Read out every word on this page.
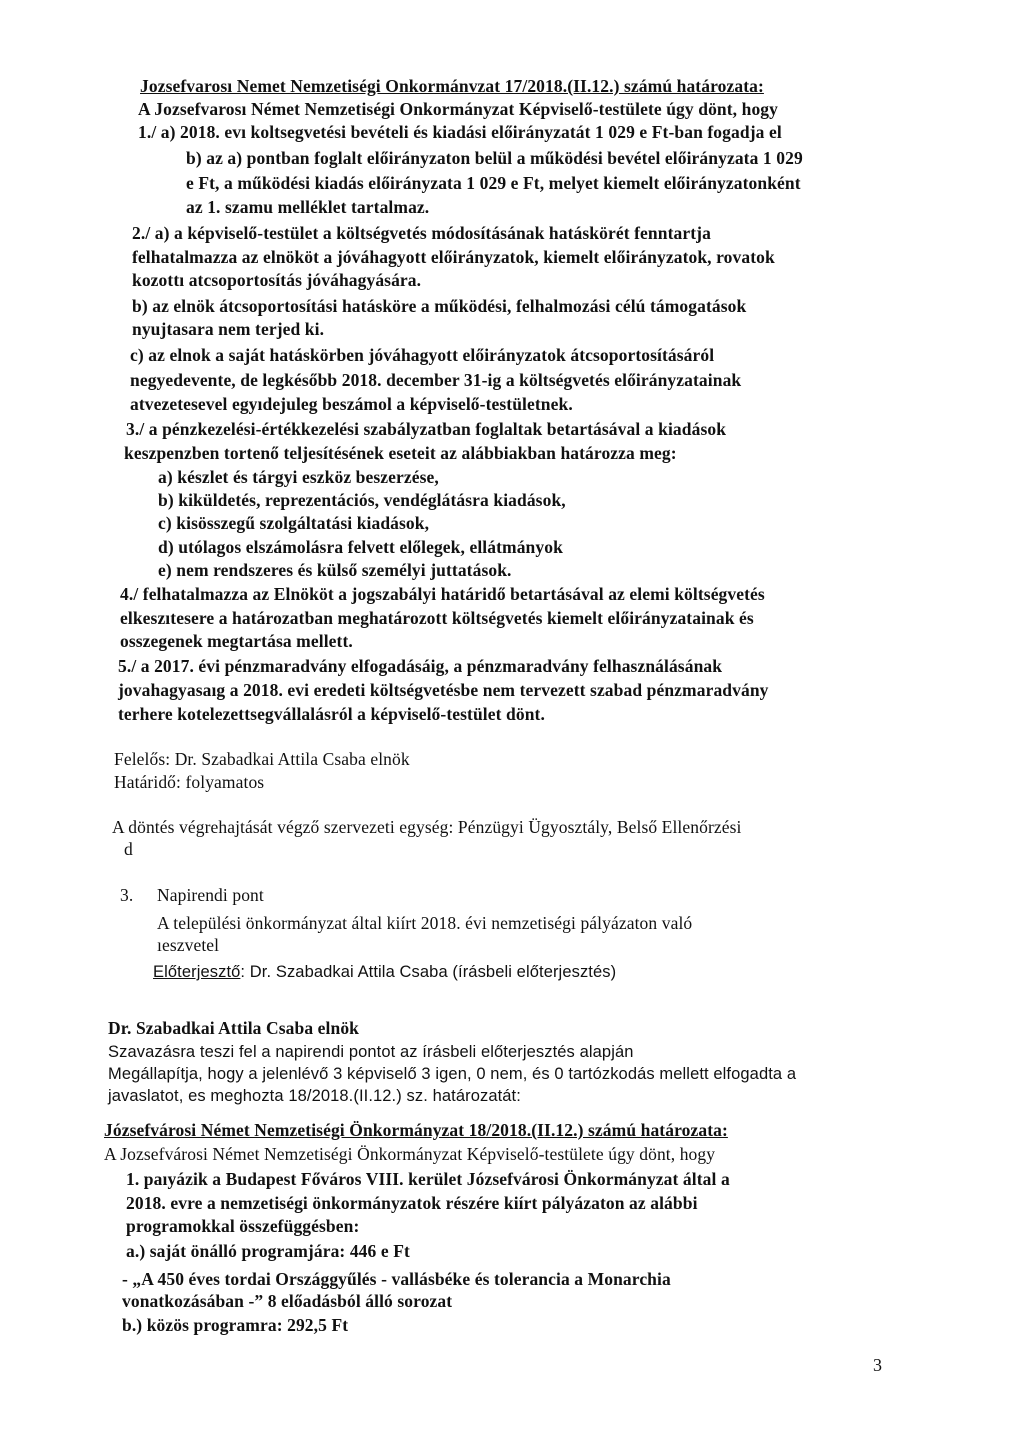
Jozsefvarosı Nemet Nemzetiségi Onkormánvzat 17/2018.(II.12.) számú határozata:
A Jozsefvarosı Német Nemzetiségi Onkormányzat Képviselő-testülete úgy dönt, hogy
1./ a) 2018. evı koltsegvetési bevételi és kiadási előirányzatát 1 029 e Ft-ban fogadja el
b) az a) pontban foglalt előirányzaton belül a működési bevétel előirányzata 1 029
e Ft, a működési kiadás előirányzata 1 029 e Ft, melyet kiemelt előirányzatonként
az 1. szamu melléklet tartalmaz.
2./ a) a képviselő-testület a költségvetés módosításának hatáskörét fenntartja
felhatalmazza az elnököt a jóváhagyott előirányzatok, kiemelt előirányzatok, rovatok
kozottı atcsoportosítás jóváhagyására.
b) az elnök átcsoportosítási hatásköre a működési, felhalmozási célú támogatások
nyujtasara nem terjed ki.
c) az elnok a saját hatáskörben jóváhagyott előirányzatok átcsoportosításáról
negyedevente, de legkésőbb 2018. december 31-ig a költségvetés előirányzatainak
atvezetesevel egyıdejuleg beszámol a képviselő-testületnek.
3./ a pénzkezelési-értékkezelési szabályzatban foglaltak betartásával a kiadások
keszpenzben tortenő teljesítésének eseteit az alábbiakban határozza meg:
a) készlet és tárgyi eszköz beszerzése,
b) kiküldetés, reprezentációs, vendéglátásra kiadások,
c) kisösszegű szolgáltatási kiadások,
d) utólagos elszámolásra felvett előlegek, ellátmányok
e) nem rendszeres és külső személyi juttatások.
4./ felhatalmazza az Elnököt a jogszabályi határidő betartásával az elemi költségvetés
elkeszıtesere a határozatban meghatározott költségvetés kiemelt előirányzatainak és
osszegenek megtartása mellett.
5./ a 2017. évi pénzmaradvány elfogadásáig, a pénzmaradvány felhasználásának
jovahagyasaıg a 2018. evi eredeti költségvetésbe nem tervezett szabad pénzmaradvány
terhere kotelezettsegvállalásról a képviselő-testület dönt.
Felelős: Dr. Szabadkai Attila Csaba elnök
Határidő: folyamatos
A döntés végrehajtását végző szervezeti egység: Pénzügyi Ügyosztály, Belső Ellenőrzési
d
3. Napirendi pont
A települési önkormányzat által kiírt 2018. évi nemzetiségi pályázaton való
ıeszvetel
Előterjesztő: Dr. Szabadkai Attila Csaba (írásbeli előterjesztés)
Dr. Szabadkai Attila Csaba elnök
Szavazásra teszi fel a napirendi pontot az írásbeli előterjesztés alapján
Megállapítja, hogy a jelenlévő 3 képviselő 3 igen, 0 nem, és 0 tartózkodás mellett elfogadta a
javaslatot, es meghozta 18/2018.(II.12.) sz. határozatát:
Józsefvárosi Német Nemzetiségi Önkormányzat 18/2018.(II.12.) számú határozata:
A Jozsefvárosi Német Nemzetiségi Önkormányzat Képviselő-testülete úgy dönt, hogy
1. paıyázik a Budapest Főváros VIII. kerület Józsefvárosi Önkormányzat által a
2018. evre a nemzetiségi önkormányzatok részére kiírt pályázaton az alábbi
programokkal összefüggésben:
a.) saját önálló programjára: 446 e Ft
- „A 450 éves tordai Országgyűlés - vallásbéke és tolerancia a Monarchia
vonatkozásában -” 8 előadásból álló sorozat
b.) közös programra: 292,5 Ft
3
